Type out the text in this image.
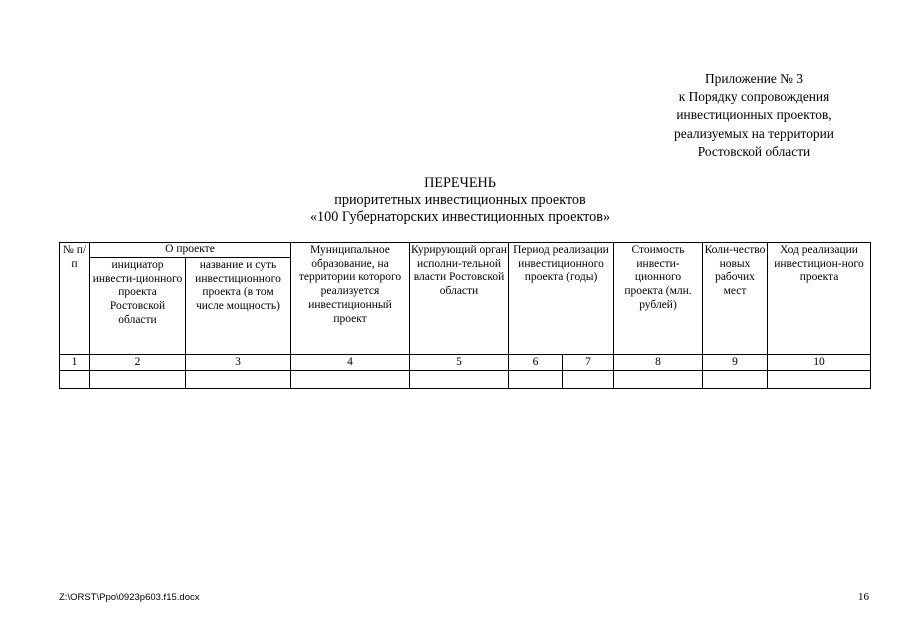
Приложение № 3
к Порядку сопровождения
инвестиционных проектов,
реализуемых на территории
Ростовской области
ПЕРЕЧЕНЬ
приоритетных инвестиционных проектов
«100 Губернаторских инвестиционных проектов»
№ п/п	О проекте		Муниципальное образование, на территории которого реализуется инвестиционный проект	Курирующий орган исполни-тельной власти Ростовской области	Период реализации инвестиционного проекта (годы)		Стоимость инвести-ционного проекта (млн. рублей)	Коли-чество новых рабочих мест	Ход реализации инвестицион-ного проекта
	инициатор инвести-ционного проекта Ростовской области	название и суть инвестиционного проекта (в том числе мощность)							
1	2	3	4	5	6	7	8	9	10

Z:\ORST\Ppo\0923p603.f15.docx	16
